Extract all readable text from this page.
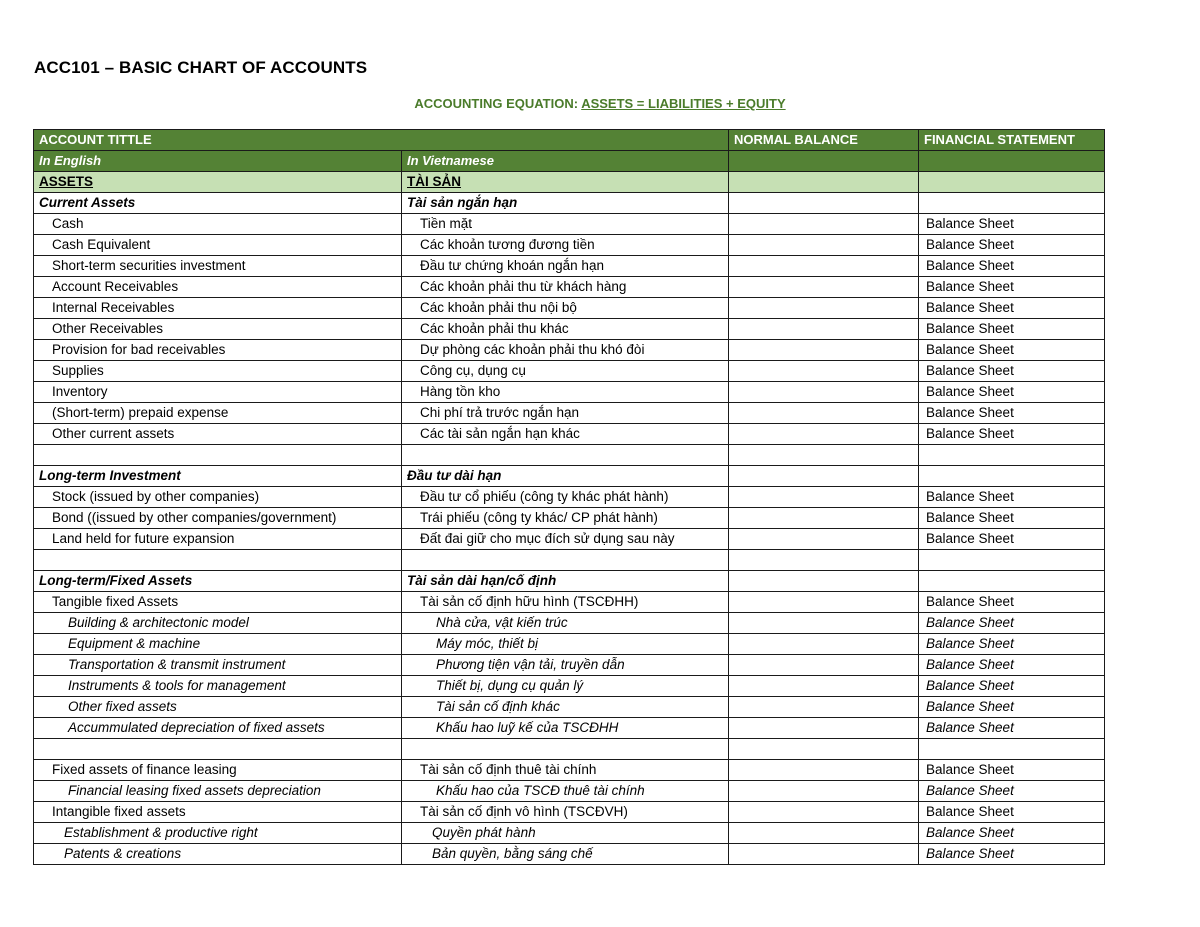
ACC101 – BASIC CHART OF ACCOUNTS
ACCOUNTING EQUATION: ASSETS = LIABILITIES + EQUITY
ACCOUNT TITTLE		NORMAL BALANCE	FINANCIAL STATEMENT
In English	In Vietnamese		
ASSETS	TÀI SẢN		
Current Assets	Tài sản ngắn hạn		
Cash	Tiền mặt		Balance Sheet
Cash Equivalent	Các khoản tương đương tiền		Balance Sheet
Short-term securities investment	Đầu tư chứng khoán ngắn hạn		Balance Sheet
Account Receivables	Các khoản phải thu từ khách hàng		Balance Sheet
Internal Receivables	Các khoản phải thu nội bộ		Balance Sheet
Other Receivables	Các khoản phải thu khác		Balance Sheet
Provision for bad receivables	Dự phòng các khoản phải thu khó đòi		Balance Sheet
Supplies	Công cụ, dụng cụ		Balance Sheet
Inventory	Hàng tồn kho		Balance Sheet
(Short-term) prepaid expense	Chi phí trả trước ngắn hạn		Balance Sheet
Other current assets	Các tài sản ngắn hạn khác		Balance Sheet

Long-term Investment	Đầu tư dài hạn		
Stock (issued by other companies)	Đầu tư cổ phiếu (công ty khác phát hành)		Balance Sheet
Bond ((issued by other companies/government)	Trái phiếu (công ty khác/ CP phát hành)		Balance Sheet
Land held for future expansion	Đất đai giữ cho mục đích sử dụng sau này		Balance Sheet

Long-term/Fixed Assets	Tài sản dài hạn/cố định		
Tangible fixed Assets	Tài sản cố định hữu hình (TSCĐHH)		Balance Sheet
Building & architectonic model	Nhà cửa, vật kiến trúc		Balance Sheet
Equipment & machine	Máy móc, thiết bị		Balance Sheet
Transportation & transmit instrument	Phương tiện vận tải, truyền dẫn		Balance Sheet
Instruments & tools for management	Thiết bị, dụng cụ quản lý		Balance Sheet
Other fixed assets	Tài sản cố định khác		Balance Sheet
Accummulated depreciation of fixed assets	Khấu hao luỹ kế của TSCĐHH		Balance Sheet

Fixed assets of finance leasing	Tài sản cố định thuê tài chính		Balance Sheet
Financial leasing fixed assets depreciation	Khấu hao của TSCĐ thuê tài chính		Balance Sheet
Intangible fixed assets	Tài sản cố định vô hình (TSCĐVH)		Balance Sheet
Establishment & productive right	Quyền phát hành		Balance Sheet
Patents & creations	Bản quyền, bằng sáng chế		Balance Sheet
